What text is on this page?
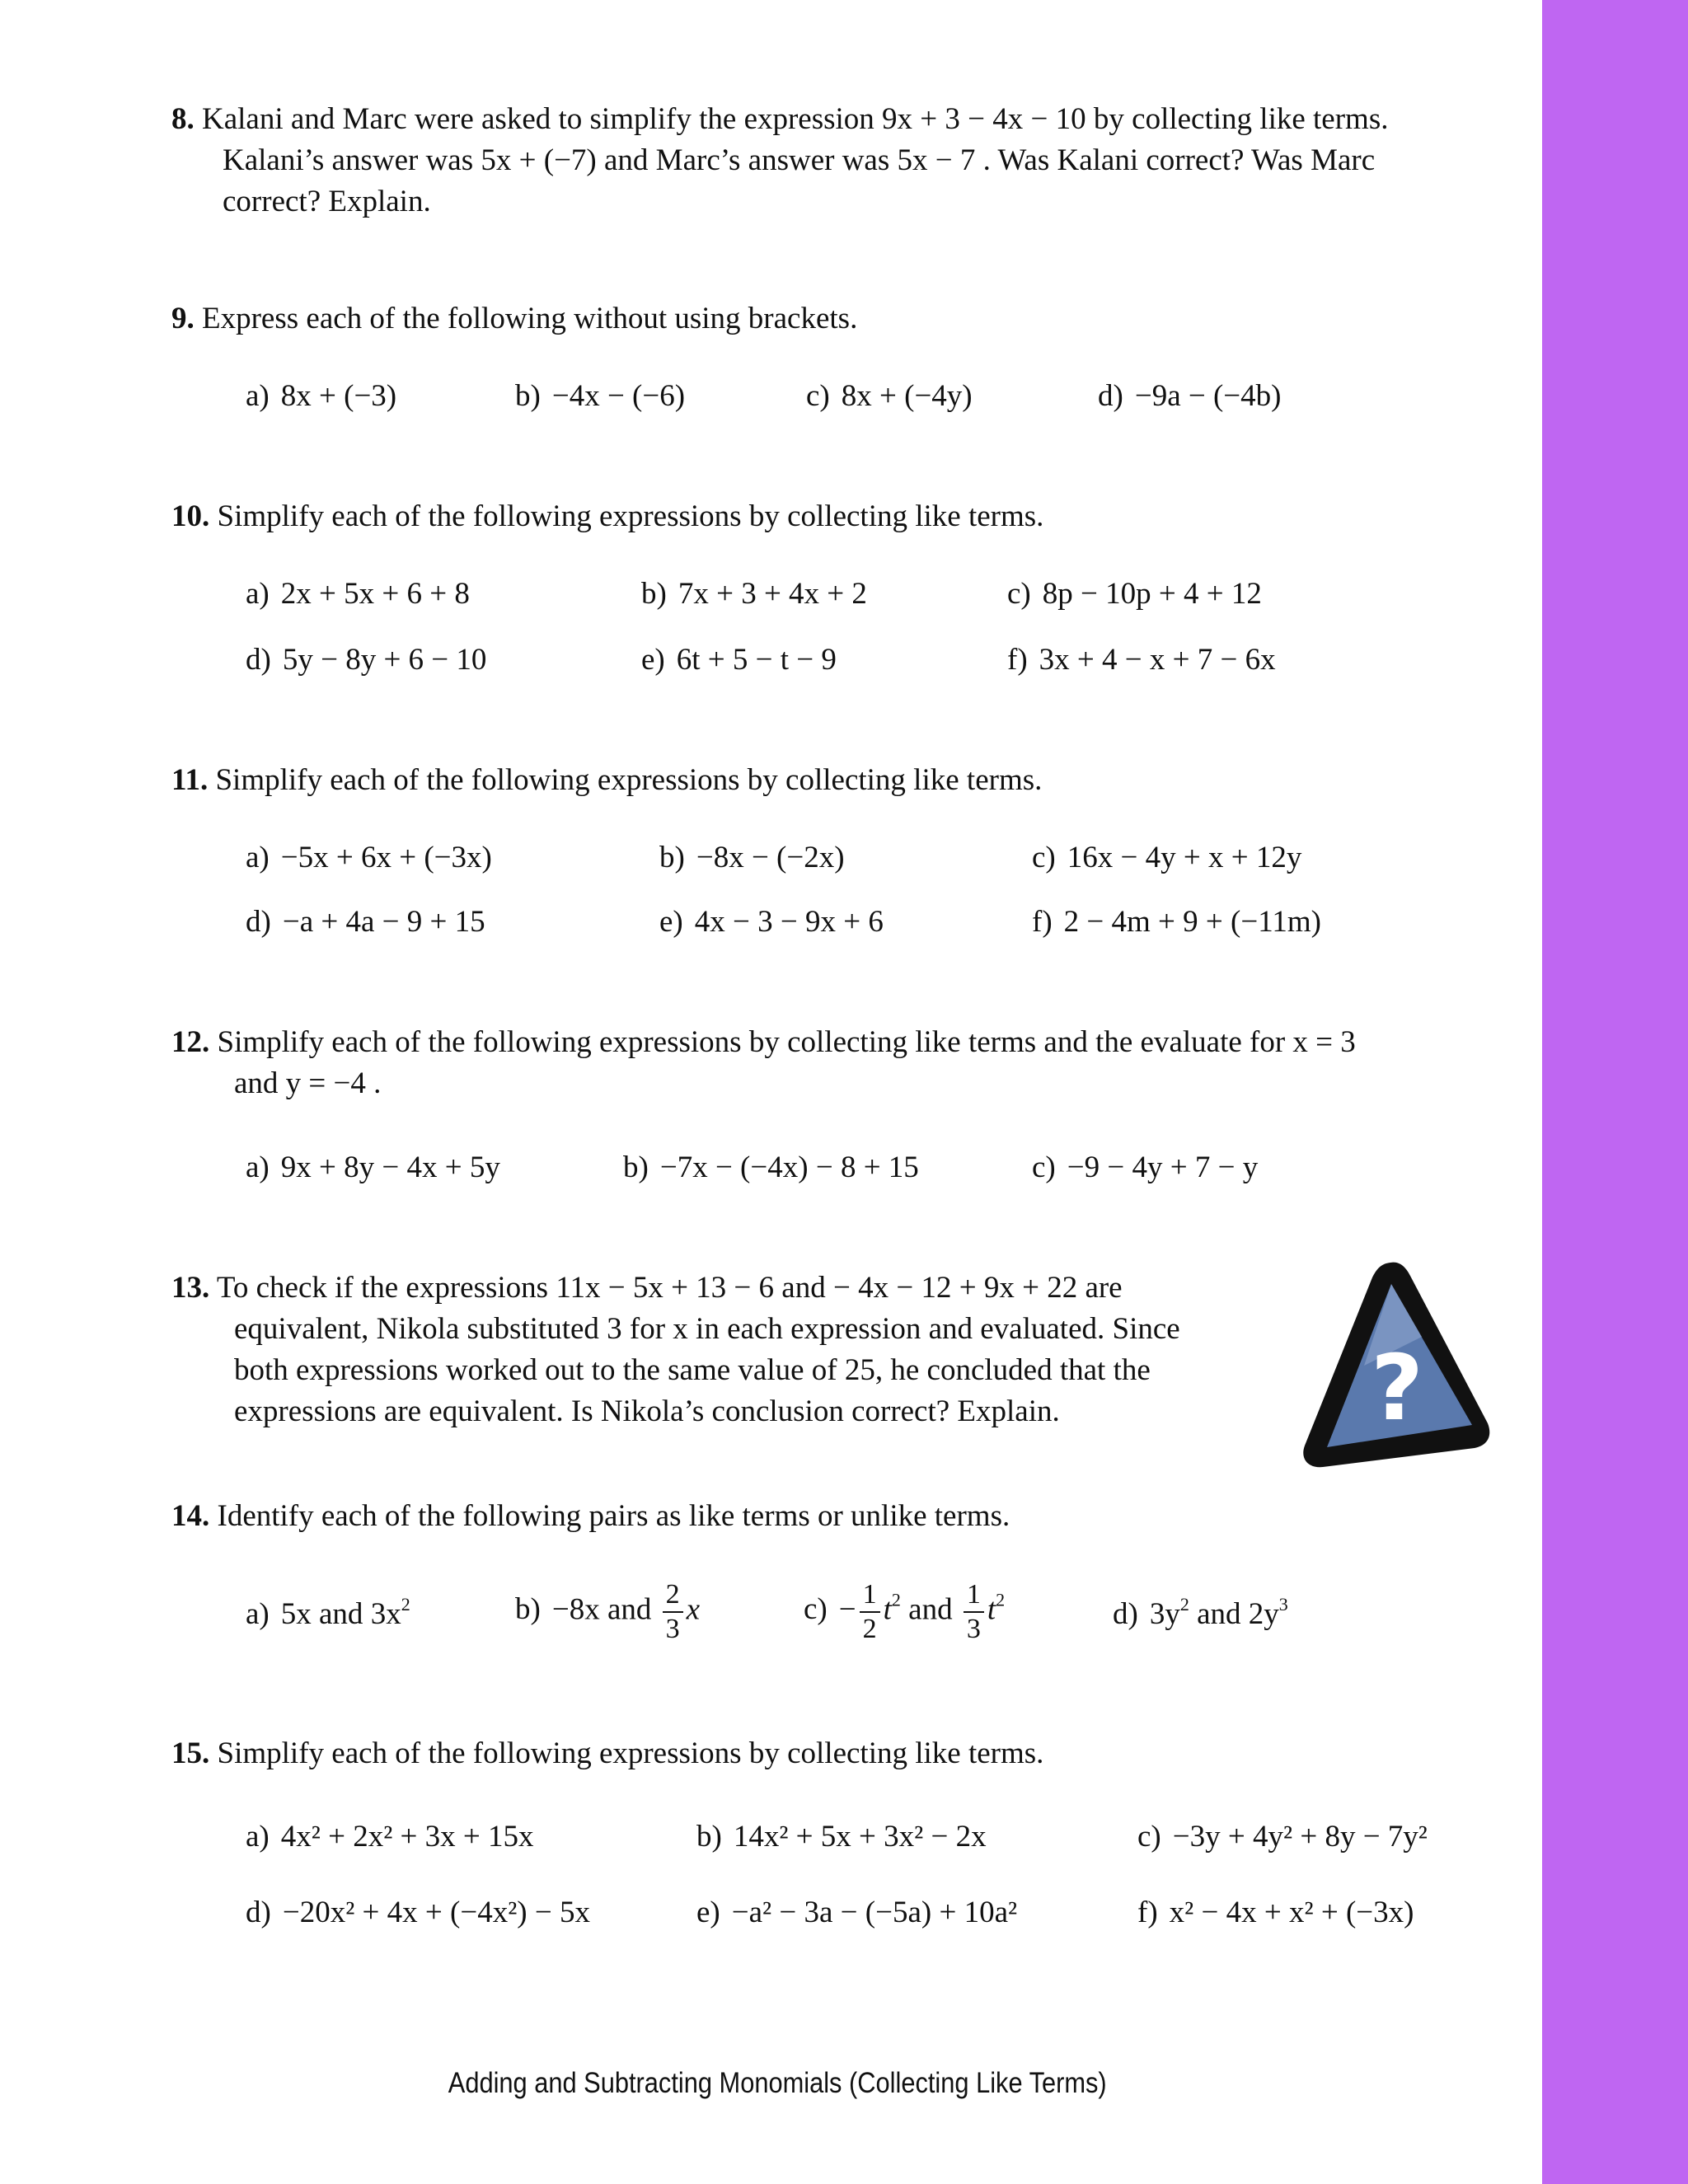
8. Kalani and Marc were asked to simplify the expression 9x + 3 − 4x − 10 by collecting like terms.
Kalani’s answer was 5x + (−7) and Marc’s answer was 5x − 7 . Was Kalani correct? Was Marc
correct? Explain.
9. Express each of the following without using brackets.
a) 8x + (−3)	b) −4x − (−6)	c) 8x + (−4y)	d) −9a − (−4b)
10. Simplify each of the following expressions by collecting like terms.
a) 2x + 5x + 6 + 8	b) 7x + 3 + 4x + 2	c) 8p − 10p + 4 + 12
d) 5y − 8y + 6 − 10	e) 6t + 5 − t − 9	f) 3x + 4 − x + 7 − 6x
11. Simplify each of the following expressions by collecting like terms.
a) −5x + 6x + (−3x)	b) −8x − (−2x)	c) 16x − 4y + x + 12y
d) −a + 4a − 9 + 15	e) 4x − 3 − 9x + 6	f) 2 − 4m + 9 + (−11m)
12. Simplify each of the following expressions by collecting like terms and the evaluate for x = 3
and y = −4 .
a) 9x + 8y − 4x + 5y	b) −7x − (−4x) − 8 + 15	c) −9 − 4y + 7 − y
13. To check if the expressions 11x − 5x + 13 − 6 and − 4x − 12 + 9x + 22 are
equivalent, Nikola substituted 3 for x in each expression and evaluated. Since
both expressions worked out to the same value of 25, he concluded that the
expressions are equivalent. Is Nikola’s conclusion correct? Explain.	?
14. Identify each of the following pairs as like terms or unlike terms.
a) 5x and $3x^2$	b) −8x and $\frac{2}{3}$ x	$c) - \frac{1}{2} t^2$ and $\frac{1}{3} t^2$	d) $3y^2$ and $2y^3$
15. Simplify each of the following expressions by collecting like terms.
a) 4x² + 2x² + 3x + 15x	b) 14x² + 5x + 3x² − 2x	c) −3y + 4y² + 8y − 7y²
d) −20x² + 4x + (−4x²) − 5x	e) −a² − 3a − (−5a) + 10a²	f) x² − 4x + x² + (−3x)
Adding and Subtracting Monomials (Collecting Like Terms)
